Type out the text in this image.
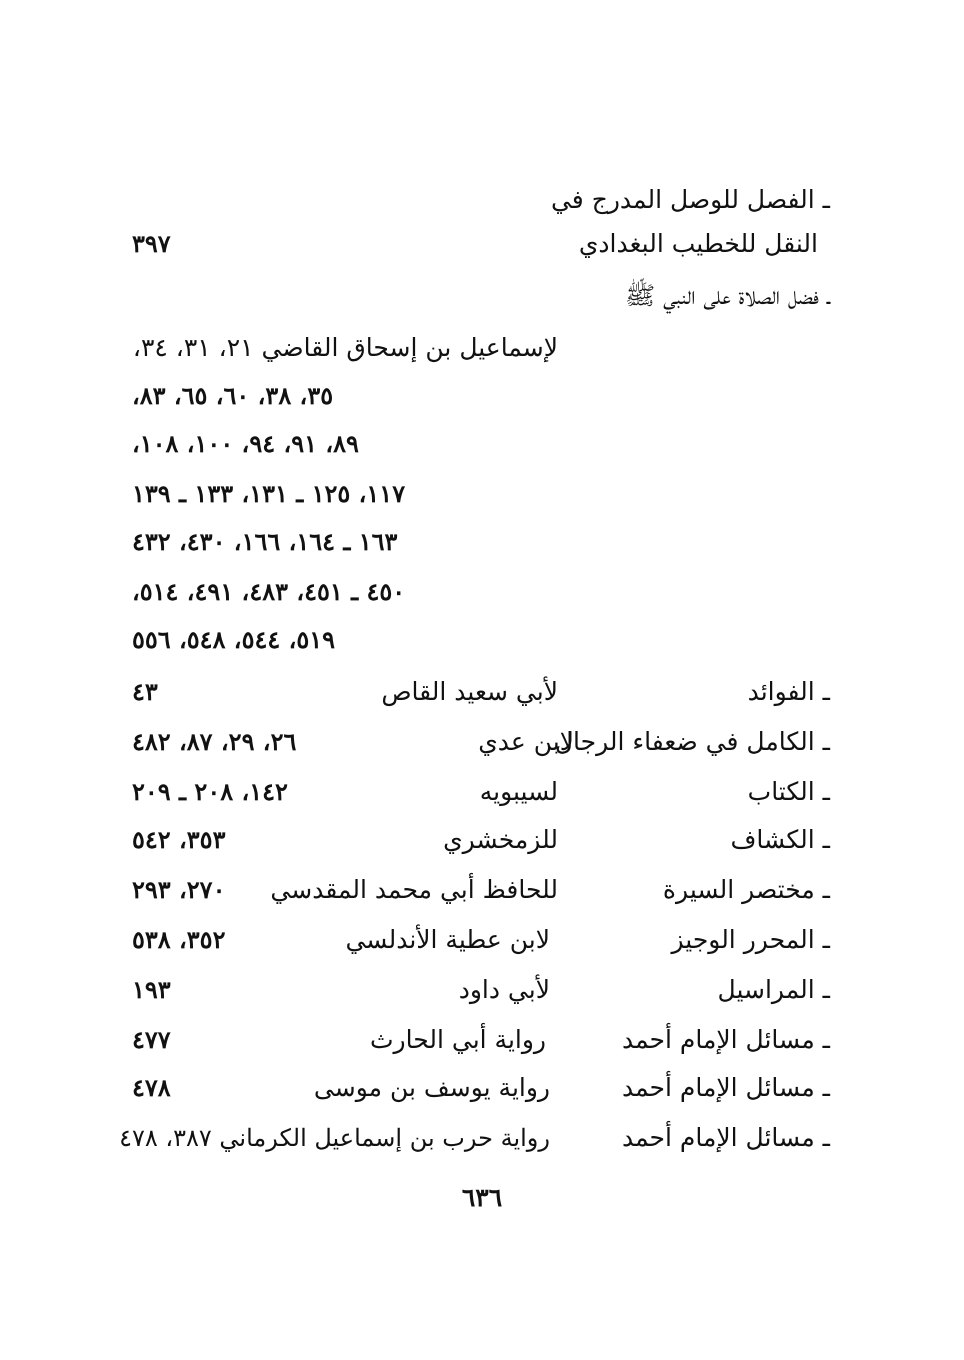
ـ الفصل للوصل المدرج في
النقل للخطيب البغدادي
٣٩٧
ـ فضل الصلاة على النبي ﷺ
لإسماعيل بن إسحاق القاضي ٢١، ٣١، ٣٤،
٣٥، ٣٨، ٦٠، ٦٥، ٨٣،
٨٩، ٩١، ٩٤، ١٠٠، ١٠٨،
١١٧، ١٢٥ ـ ١٣١، ١٣٣ ـ ١٣٩
١٦٣ ـ ١٦٤، ١٦٦، ٤٣٠، ٤٣٢
٤٥٠ ـ ٤٥١، ٤٨٣، ٤٩١، ٥١٤،
٥١٩، ٥٤٤، ٥٤٨، ٥٥٦
ـ الفوائد
لأبي سعيد القاص
٤٣
ـ الكامل في ضعفاء الرجال
لابن عدي
٢٦، ٢٩، ٨٧، ٤٨٢
ـ الكتاب
لسيبويه
١٤٢، ٢٠٨ ـ ٢٠٩
ـ الكشاف
للزمخشري
٣٥٣، ٥٤٢
ـ مختصر السيرة
للحافظ أبي محمد المقدسي
٢٧٠، ٢٩٣
ـ المحرر الوجيز
لابن عطية الأندلسي
٣٥٢، ٥٣٨
ـ المراسيل
لأبي داود
١٩٣
ـ مسائل الإمام أحمد
رواية أبي الحارث
٤٧٧
ـ مسائل الإمام أحمد
رواية يوسف بن موسى
٤٧٨
ـ مسائل الإمام أحمد
رواية حرب بن إسماعيل الكرماني ٣٨٧، ٤٧٨
٦٣٦
